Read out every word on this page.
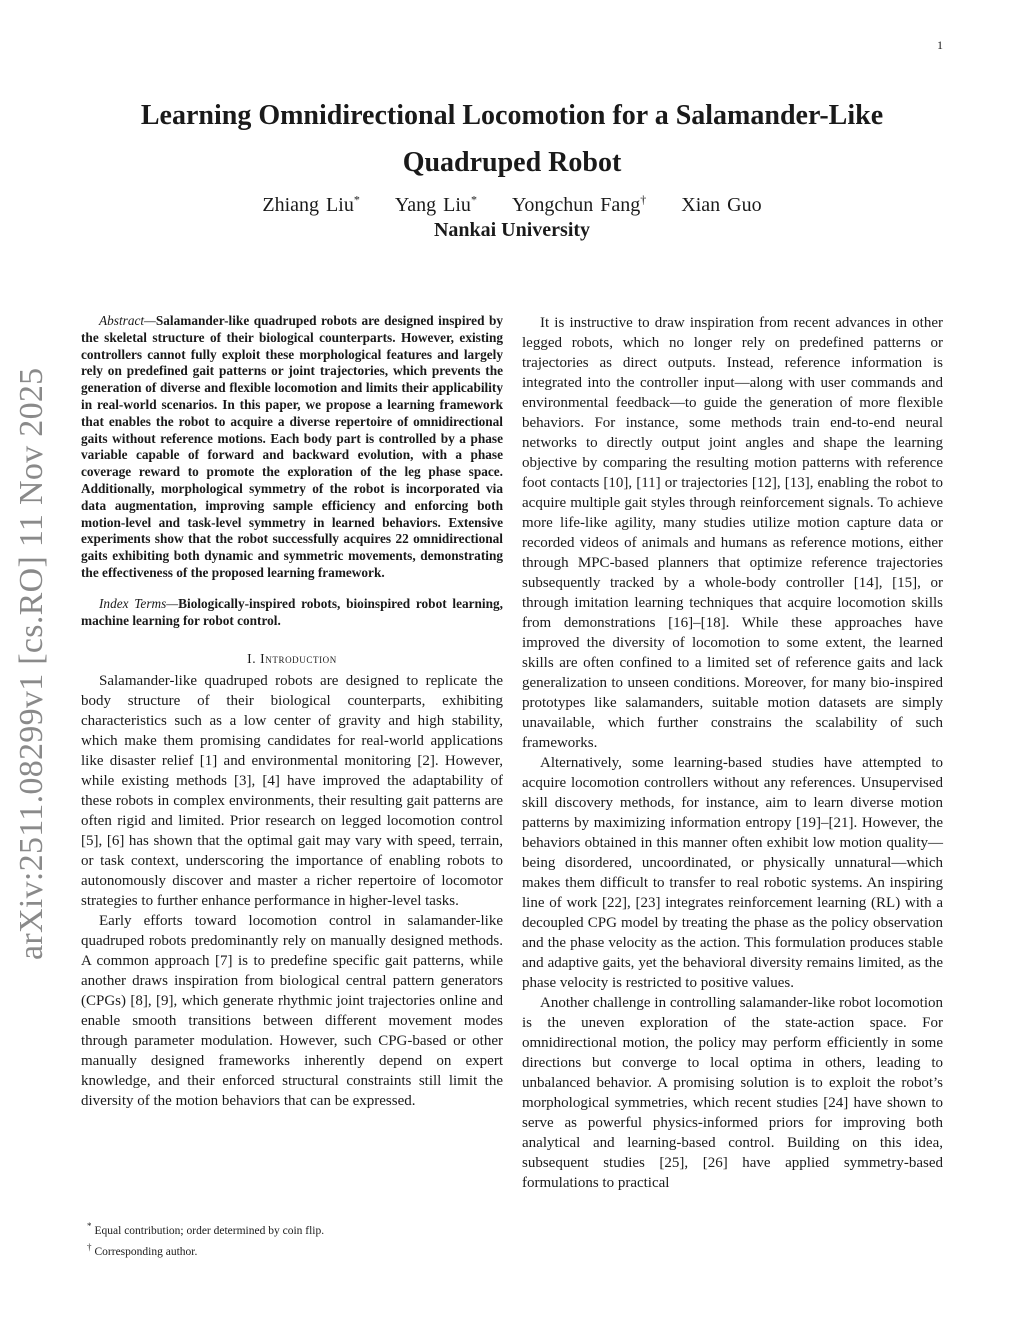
1
arXiv:2511.08299v1 [cs.RO] 11 Nov 2025
Learning Omnidirectional Locomotion for a Salamander-Like
Quadruped Robot
Zhiang Liu* Yang Liu* Yongchun Fang† Xian Guo
Nankai University

Abstract—Salamander-like quadruped robots are designed inspired by the skeletal structure of their biological counterparts. However, existing controllers cannot fully exploit these morphological features and largely rely on predefined gait patterns or joint trajectories, which prevents the generation of diverse and flexible locomotion and limits their applicability in real-world scenarios. In this paper, we propose a learning framework that enables the robot to acquire a diverse repertoire of omnidirectional gaits without reference motions. Each body part is controlled by a phase variable capable of forward and backward evolution, with a phase coverage reward to promote the exploration of the leg phase space. Additionally, morphological symmetry of the robot is incorporated via data augmentation, improving sample efficiency and enforcing both motion-level and task-level symmetry in learned behaviors. Extensive experiments show that the robot successfully acquires 22 omnidirectional gaits exhibiting both dynamic and symmetric movements, demonstrating the effectiveness of the proposed learning framework.

Index Terms—Biologically-inspired robots, bioinspired robot learning, machine learning for robot control.

I. Introduction

Salamander-like quadruped robots are designed to replicate the body structure of their biological counterparts, exhibiting characteristics such as a low center of gravity and high stability, which make them promising candidates for real-world applications like disaster relief [1] and environmental monitoring [2]. However, while existing methods [3], [4] have improved the adaptability of these robots in complex environments, their resulting gait patterns are often rigid and limited. Prior research on legged locomotion control [5], [6] has shown that the optimal gait may vary with speed, terrain, or task context, underscoring the importance of enabling robots to autonomously discover and master a richer repertoire of locomotor strategies to further enhance performance in higher-level tasks.

Early efforts toward locomotion control in salamander-like quadruped robots predominantly rely on manually designed methods. A common approach [7] is to predefine specific gait patterns, while another draws inspiration from biological central pattern generators (CPGs) [8], [9], which generate rhythmic joint trajectories online and enable smooth transitions between different movement modes through parameter modulation. However, such CPG-based or other manually designed frameworks inherently depend on expert knowledge, and their enforced structural constraints still limit the diversity of the motion behaviors that can be expressed.

It is instructive to draw inspiration from recent advances in other legged robots, which no longer rely on predefined patterns or trajectories as direct outputs. Instead, reference information is integrated into the controller input—along with user commands and environmental feedback—to guide the generation of more flexible behaviors. For instance, some methods train end-to-end neural networks to directly output joint angles and shape the learning objective by comparing the resulting motion patterns with reference foot contacts [10], [11] or trajectories [12], [13], enabling the robot to acquire multiple gait styles through reinforcement signals. To achieve more life-like agility, many studies utilize motion capture data or recorded videos of animals and humans as reference motions, either through MPC-based planners that optimize reference trajectories subsequently tracked by a whole-body controller [14], [15], or through imitation learning techniques that acquire locomotion skills from demonstrations [16]–[18]. While these approaches have improved the diversity of locomotion to some extent, the learned skills are often confined to a limited set of reference gaits and lack generalization to unseen conditions. Moreover, for many bio-inspired prototypes like salamanders, suitable motion datasets are simply unavailable, which further constrains the scalability of such frameworks.

Alternatively, some learning-based studies have attempted to acquire locomotion controllers without any references. Unsupervised skill discovery methods, for instance, aim to learn diverse motion patterns by maximizing information entropy [19]–[21]. However, the behaviors obtained in this manner often exhibit low motion quality—being disordered, uncoordinated, or physically unnatural—which makes them difficult to transfer to real robotic systems. An inspiring line of work [22], [23] integrates reinforcement learning (RL) with a decoupled CPG model by treating the phase as the policy observation and the phase velocity as the action. This formulation produces stable and adaptive gaits, yet the behavioral diversity remains limited, as the phase velocity is restricted to positive values.

Another challenge in controlling salamander-like robot locomotion is the uneven exploration of the state-action space. For omnidirectional motion, the policy may perform efficiently in some directions but converge to local optima in others, leading to unbalanced behavior. A promising solution is to exploit the robot’s morphological symmetries, which recent studies [24] have shown to serve as powerful physics-informed priors for improving both analytical and learning-based control. Building on this idea, subsequent studies [25], [26] have applied symmetry-based formulations to practical

* Equal contribution; order determined by coin flip.
† Corresponding author.
